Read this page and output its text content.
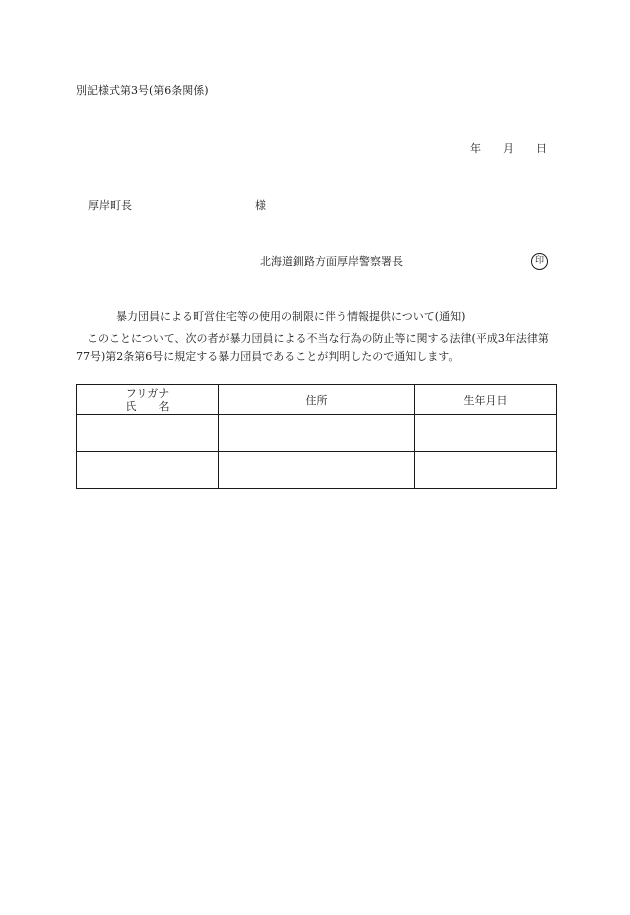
別記様式第3号(第6条関係)
年 月 日
厚岸町長	様
北海道釧路方面厚岸警察署長	印
暴力団員による町営住宅等の使用の制限に伴う情報提供について(通知)
このことについて、次の者が暴力団員による不当な行為の防止等に関する法律(平成3年法律第77号)第2条第6号に規定する暴力団員であることが判明したので通知します。
フリガナ
氏　　名	住所	生年月日
